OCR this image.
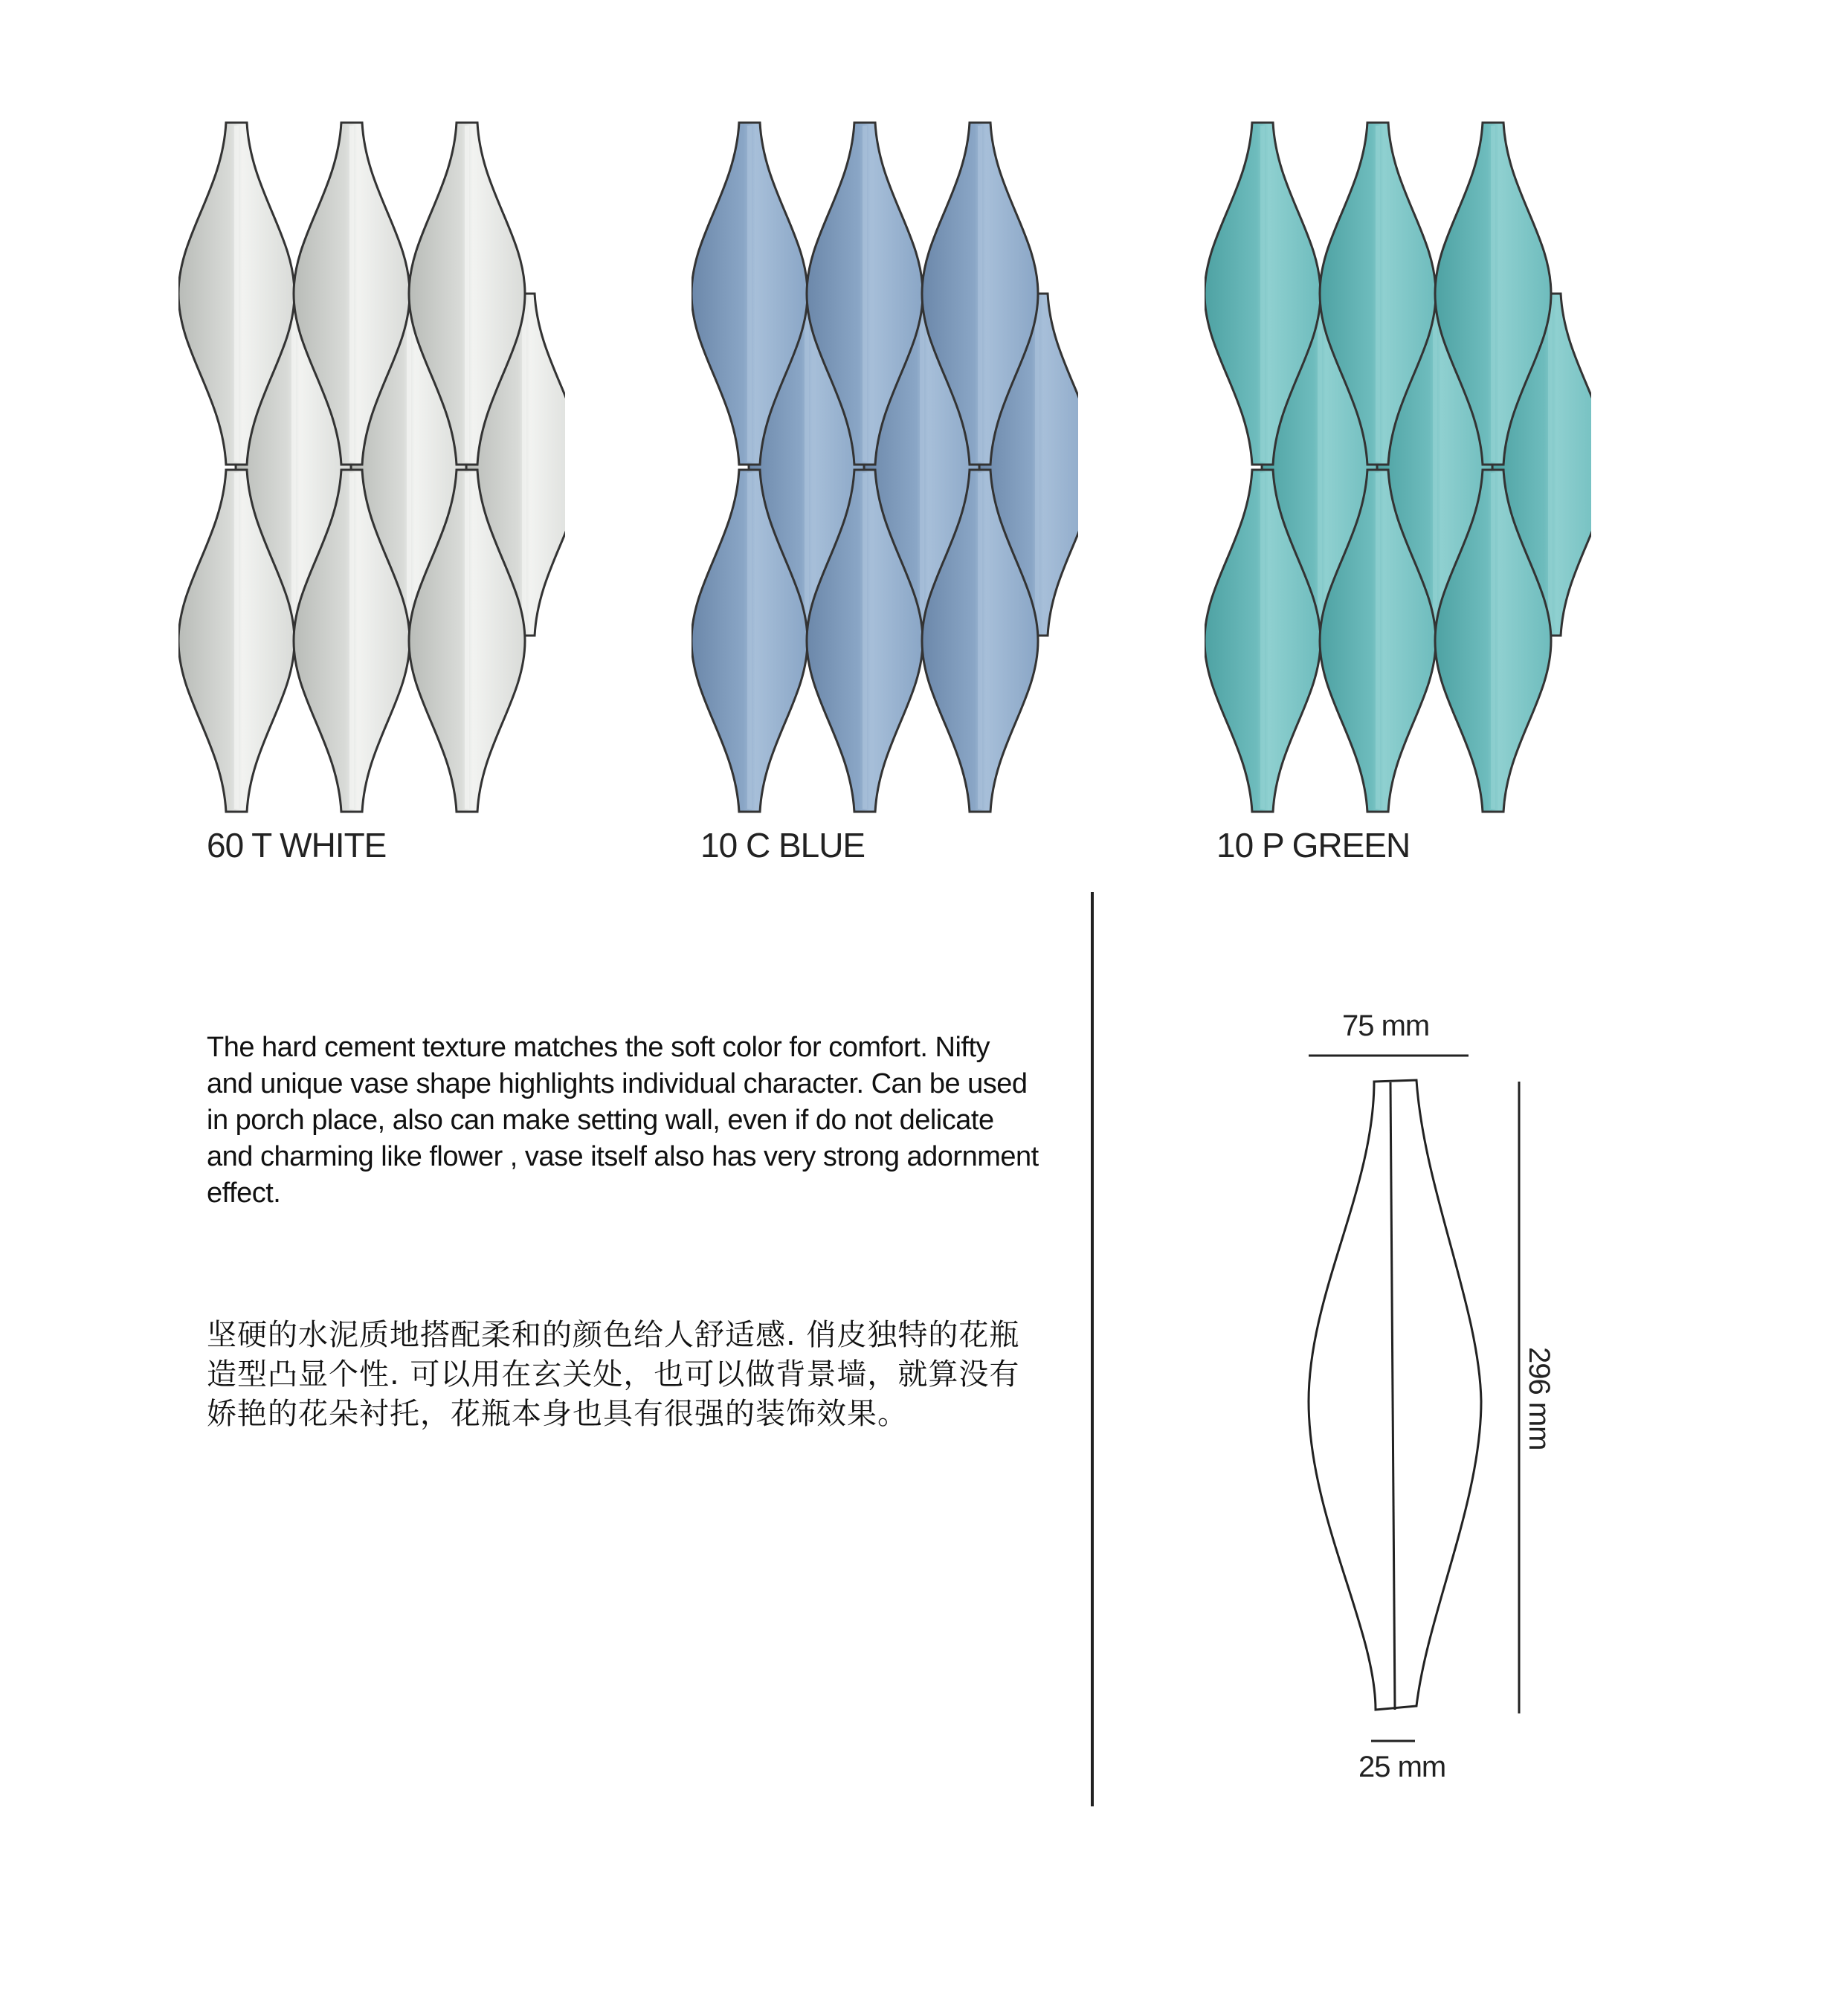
60 T WHITE	10 C BLUE	10 P GREEN
The hard cement texture matches the soft color for comfort. Nifty and unique vase shape highlights individual character. Can be used in porch place, also can make setting wall, even if do not delicate and charming like flower , vase itself also has very strong adornment effect.
坚硬的水泥质地搭配柔和的颜色给人舒适感. 俏皮独特的花瓶造型凸显个性. 可以用在玄关处，也可以做背景墙，就算没有娇艳的花朵衬托，花瓶本身也具有很强的装饰效果。
75 mm
296 mm
25 mm
